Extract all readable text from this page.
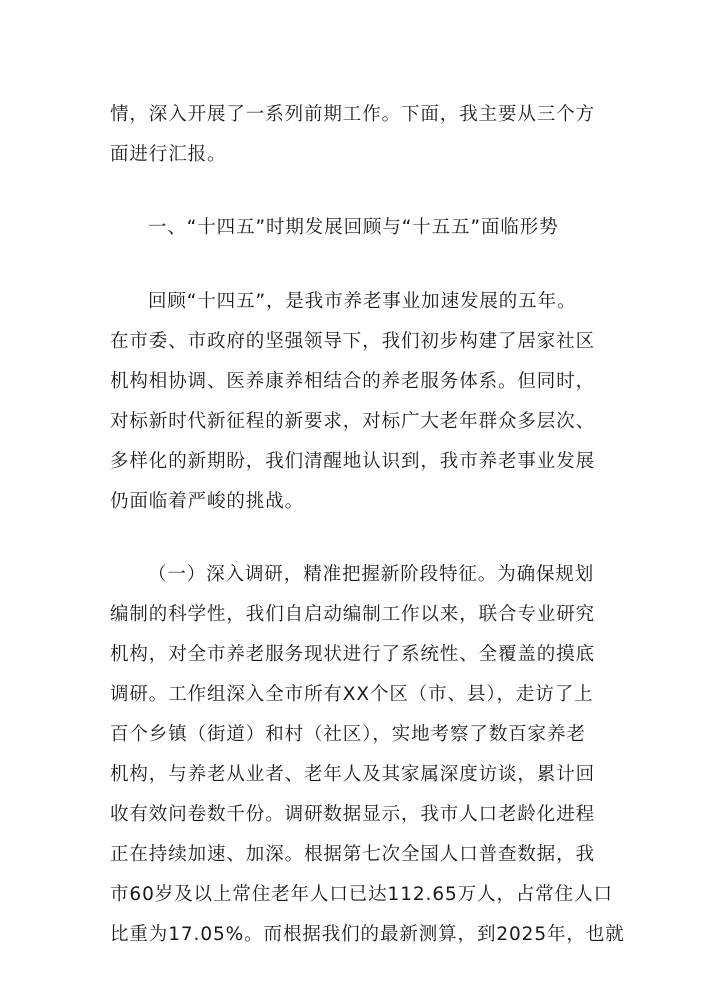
情，深入开展了一系列前期工作。下面，我主要从三个方
面进行汇报。
一、“十四五”时期发展回顾与“十五五”面临形势
回顾“十四五”，是我市养老事业加速发展的五年。
在市委、市政府的坚强领导下，我们初步构建了居家社区
机构相协调、医养康养相结合的养老服务体系。但同时，
对标新时代新征程的新要求，对标广大老年群众多层次、
多样化的新期盼，我们清醒地认识到，我市养老事业发展
仍面临着严峻的挑战。
（一）深入调研，精准把握新阶段特征。为确保规划
编制的科学性，我们自启动编制工作以来，联合专业研究
机构，对全市养老服务现状进行了系统性、全覆盖的摸底
调研。工作组深入全市所有XX个区（市、县），走访了上
百个乡镇（街道）和村（社区），实地考察了数百家养老
机构，与养老从业者、老年人及其家属深度访谈，累计回
收有效问卷数千份。调研数据显示，我市人口老龄化进程
正在持续加速、加深。根据第七次全国人口普查数据，我
市60岁及以上常住老年人口已达112.65万人，占常住人口
比重为17.05%。而根据我们的最新测算，到2025年，也就
